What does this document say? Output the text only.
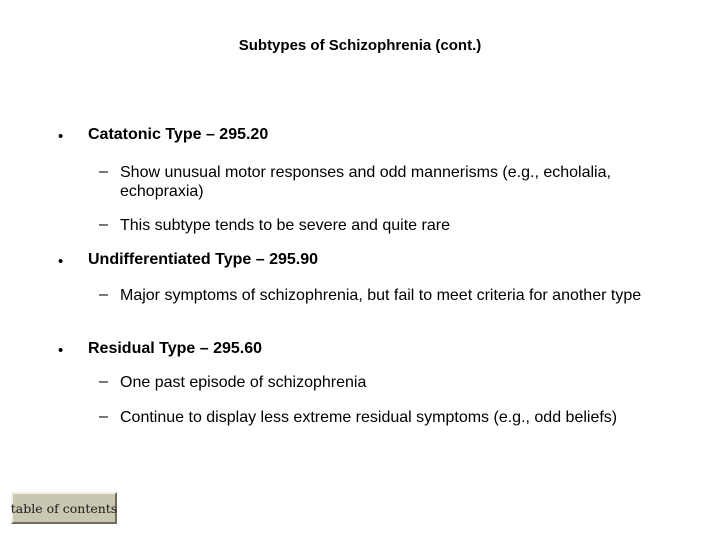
Subtypes of Schizophrenia (cont.)
• Catatonic Type – 295.20
– Show unusual motor responses and odd mannerisms (e.g., echolalia, echopraxia)
– This subtype tends to be severe and quite rare
• Undifferentiated Type – 295.90
– Major symptoms of schizophrenia, but fail to meet criteria for another type
• Residual Type – 295.60
– One past episode of schizophrenia
– Continue to display less extreme residual symptoms (e.g., odd beliefs)
table of contents
